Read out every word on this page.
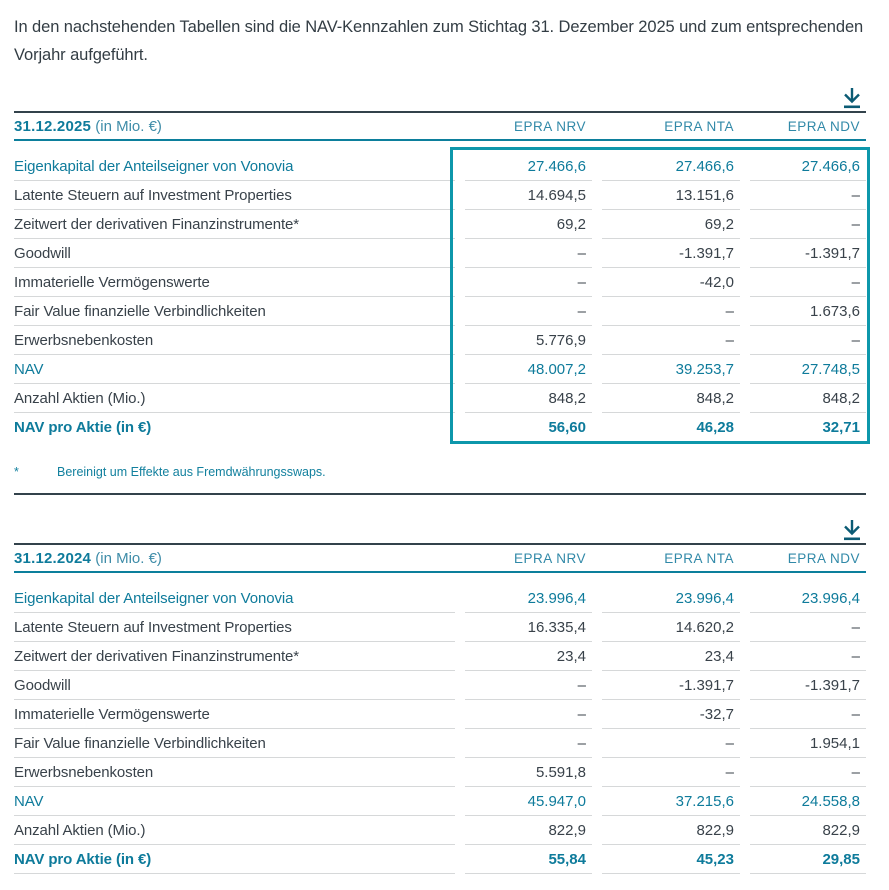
In den nachstehenden Tabellen sind die NAV-Kennzahlen zum Stichtag 31. Dezember 2025 und zum entsprechenden Vorjahr aufgeführt.

31.12.2025 (in Mio. €)	EPRA NRV	EPRA NTA	EPRA NDV
Eigenkapital der Anteilseigner von Vonovia	27.466,6	27.466,6	27.466,6
Latente Steuern auf Investment Properties	14.694,5	13.151,6	–
Zeitwert der derivativen Finanzinstrumente*	69,2	69,2	–
Goodwill	–	-1.391,7	-1.391,7
Immaterielle Vermögenswerte	–	-42,0	–
Fair Value finanzielle Verbindlichkeiten	–	–	1.673,6
Erwerbsnebenkosten	5.776,9	–	–
NAV	48.007,2	39.253,7	27.748,5
Anzahl Aktien (Mio.)	848,2	848,2	848,2
NAV pro Aktie (in €)	56,60	46,28	32,71
*	Bereinigt um Effekte aus Fremdwährungsswaps.
31.12.2024 (in Mio. €)	EPRA NRV	EPRA NTA	EPRA NDV
Eigenkapital der Anteilseigner von Vonovia	23.996,4	23.996,4	23.996,4
Latente Steuern auf Investment Properties	16.335,4	14.620,2	–
Zeitwert der derivativen Finanzinstrumente*	23,4	23,4	–
Goodwill	–	-1.391,7	-1.391,7
Immaterielle Vermögenswerte	–	-32,7	–
Fair Value finanzielle Verbindlichkeiten	–	–	1.954,1
Erwerbsnebenkosten	5.591,8	–	–
NAV	45.947,0	37.215,6	24.558,8
Anzahl Aktien (Mio.)	822,9	822,9	822,9
NAV pro Aktie (in €)	55,84	45,23	29,85
